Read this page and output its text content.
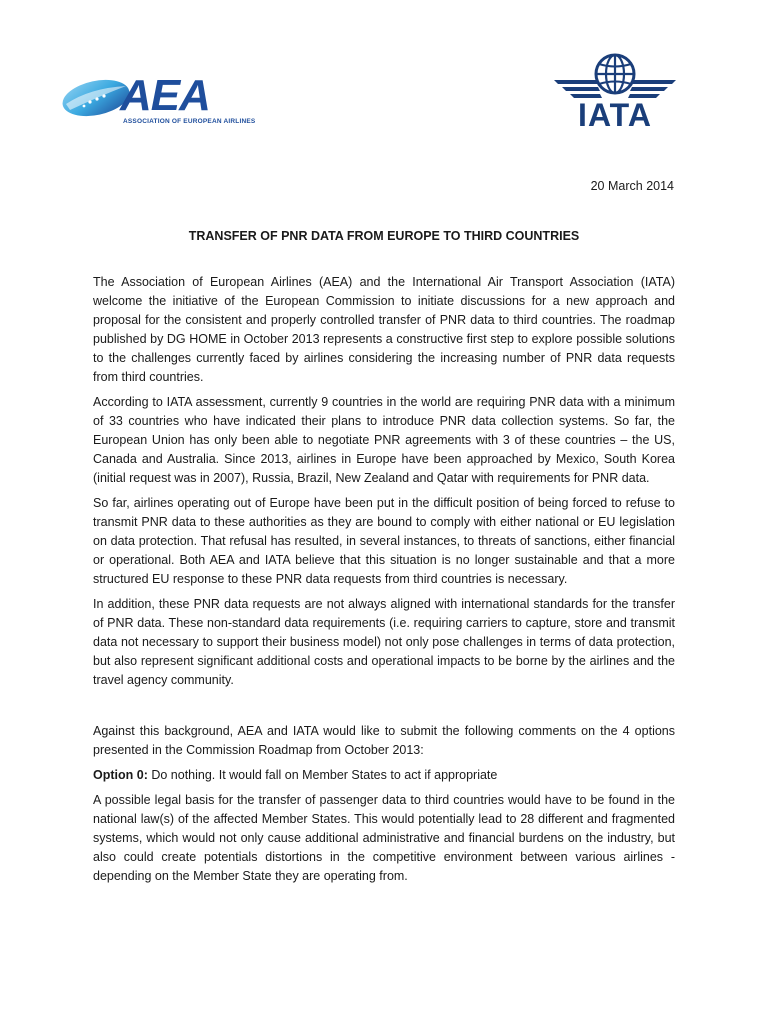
AEA
ASSOCIATION OF EUROPEAN AIRLINES	IATA
20 March 2014
TRANSFER OF PNR DATA FROM EUROPE TO THIRD COUNTRIES

The Association of European Airlines (AEA) and the International Air Transport Association (IATA) welcome the initiative of the European Commission to initiate discussions for a new approach and proposal for the consistent and properly controlled transfer of PNR data to third countries. The roadmap published by DG HOME in October 2013 represents a constructive first step to explore possible solutions to the challenges currently faced by airlines considering the increasing number of PNR data requests from third countries.

According to IATA assessment, currently 9 countries in the world are requiring PNR data with a minimum of 33 countries who have indicated their plans to introduce PNR data collection systems. So far, the European Union has only been able to negotiate PNR agreements with 3 of these countries – the US, Canada and Australia. Since 2013, airlines in Europe have been approached by Mexico, South Korea (initial request was in 2007), Russia, Brazil, New Zealand and Qatar with requirements for PNR data.

So far, airlines operating out of Europe have been put in the difficult position of being forced to refuse to transmit PNR data to these authorities as they are bound to comply with either national or EU legislation on data protection. That refusal has resulted, in several instances, to threats of sanctions, either financial or operational. Both AEA and IATA believe that this situation is no longer sustainable and that a more structured EU response to these PNR data requests from third countries is necessary.

In addition, these PNR data requests are not always aligned with international standards for the transfer of PNR data. These non-standard data requirements (i.e. requiring carriers to capture, store and transmit data not necessary to support their business model) not only pose challenges in terms of data protection, but also represent significant additional costs and operational impacts to be borne by the airlines and the travel agency community.

Against this background, AEA and IATA would like to submit the following comments on the 4 options presented in the Commission Roadmap from October 2013:

Option 0: Do nothing. It would fall on Member States to act if appropriate

A possible legal basis for the transfer of passenger data to third countries would have to be found in the national law(s) of the affected Member States. This would potentially lead to 28 different and fragmented systems, which would not only cause additional administrative and financial burdens on the industry, but also could create potentials distortions in the competitive environment between various airlines - depending on the Member State they are operating from.
